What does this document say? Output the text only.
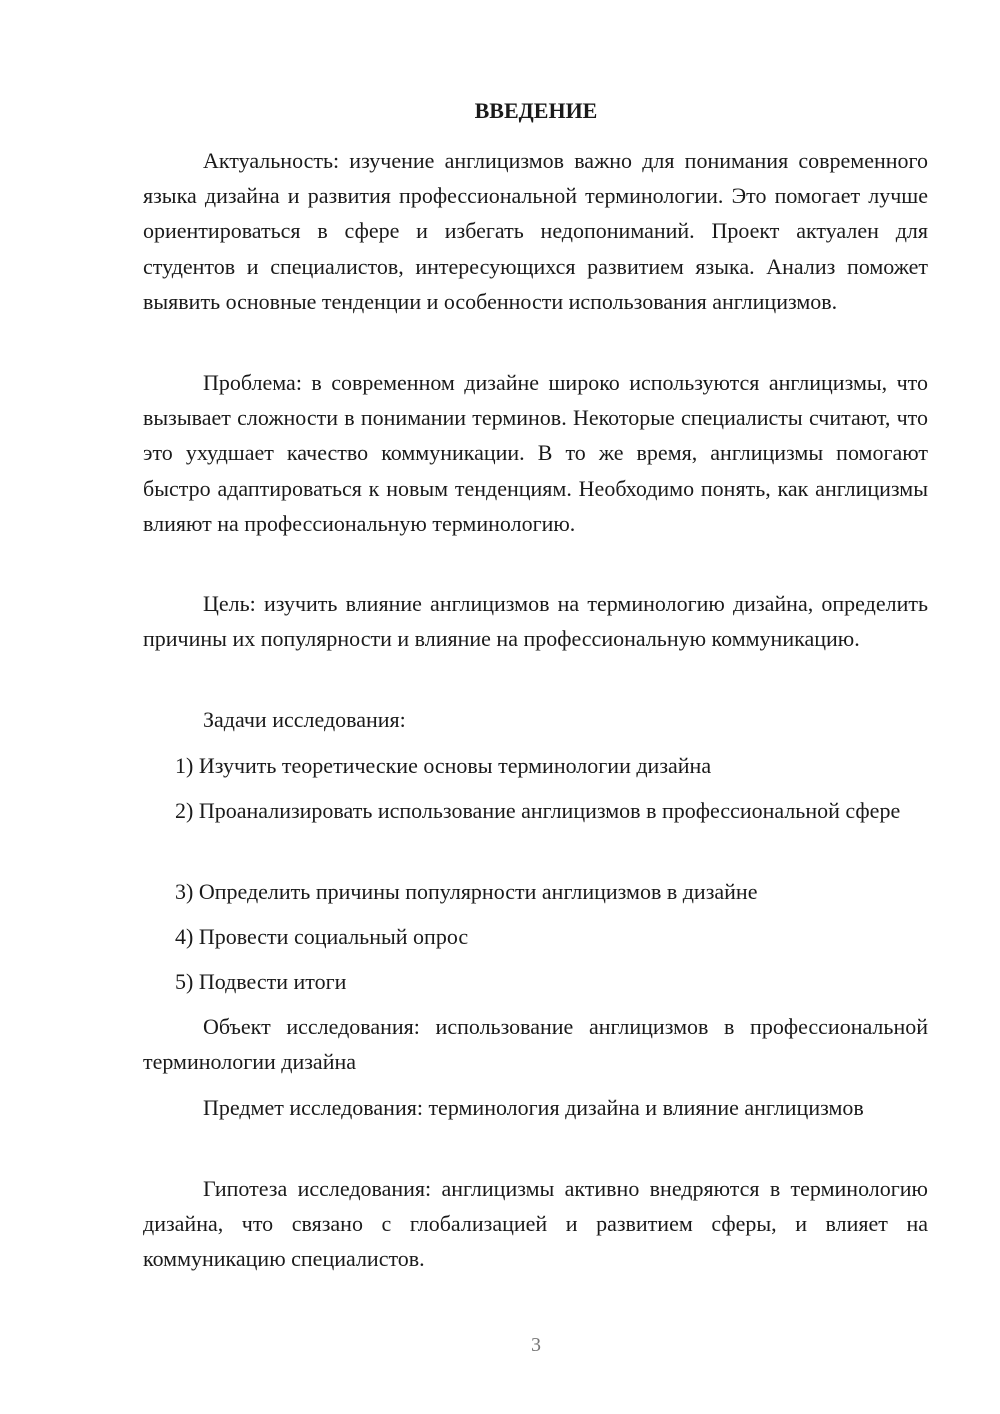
ВВЕДЕНИЕ

Актуальность: изучение англицизмов важно для понимания современного языка дизайна и развития профессиональной терминологии. Это помогает лучше ориентироваться в сфере и избегать недопониманий. Проект актуален для студентов и специалистов, интересующихся развитием языка. Анализ поможет выявить основные тенденции и особенности использования англицизмов.

Проблема: в современном дизайне широко используются англицизмы, что вызывает сложности в понимании терминов. Некоторые специалисты считают, что это ухудшает качество коммуникации. В то же время, англицизмы помогают быстро адаптироваться к новым тенденциям. Необходимо понять, как англицизмы влияют на профессиональную терминологию.

Цель: изучить влияние англицизмов на терминологию дизайна, определить причины их популярности и влияние на профессиональную коммуникацию.

Задачи исследования:

1) Изучить теоретические основы терминологии дизайна

2) Проанализировать использование англицизмов в профессиональной сфере

3) Определить причины популярности англицизмов в дизайне

4) Провести социальный опрос

5) Подвести итоги

Объект исследования: использование англицизмов в профессиональной терминологии дизайна

Предмет исследования: терминология дизайна и влияние англицизмов

Гипотеза исследования: англицизмы активно внедряются в терминологию дизайна, что связано с глобализацией и развитием сферы, и влияет на коммуникацию специалистов.

3
